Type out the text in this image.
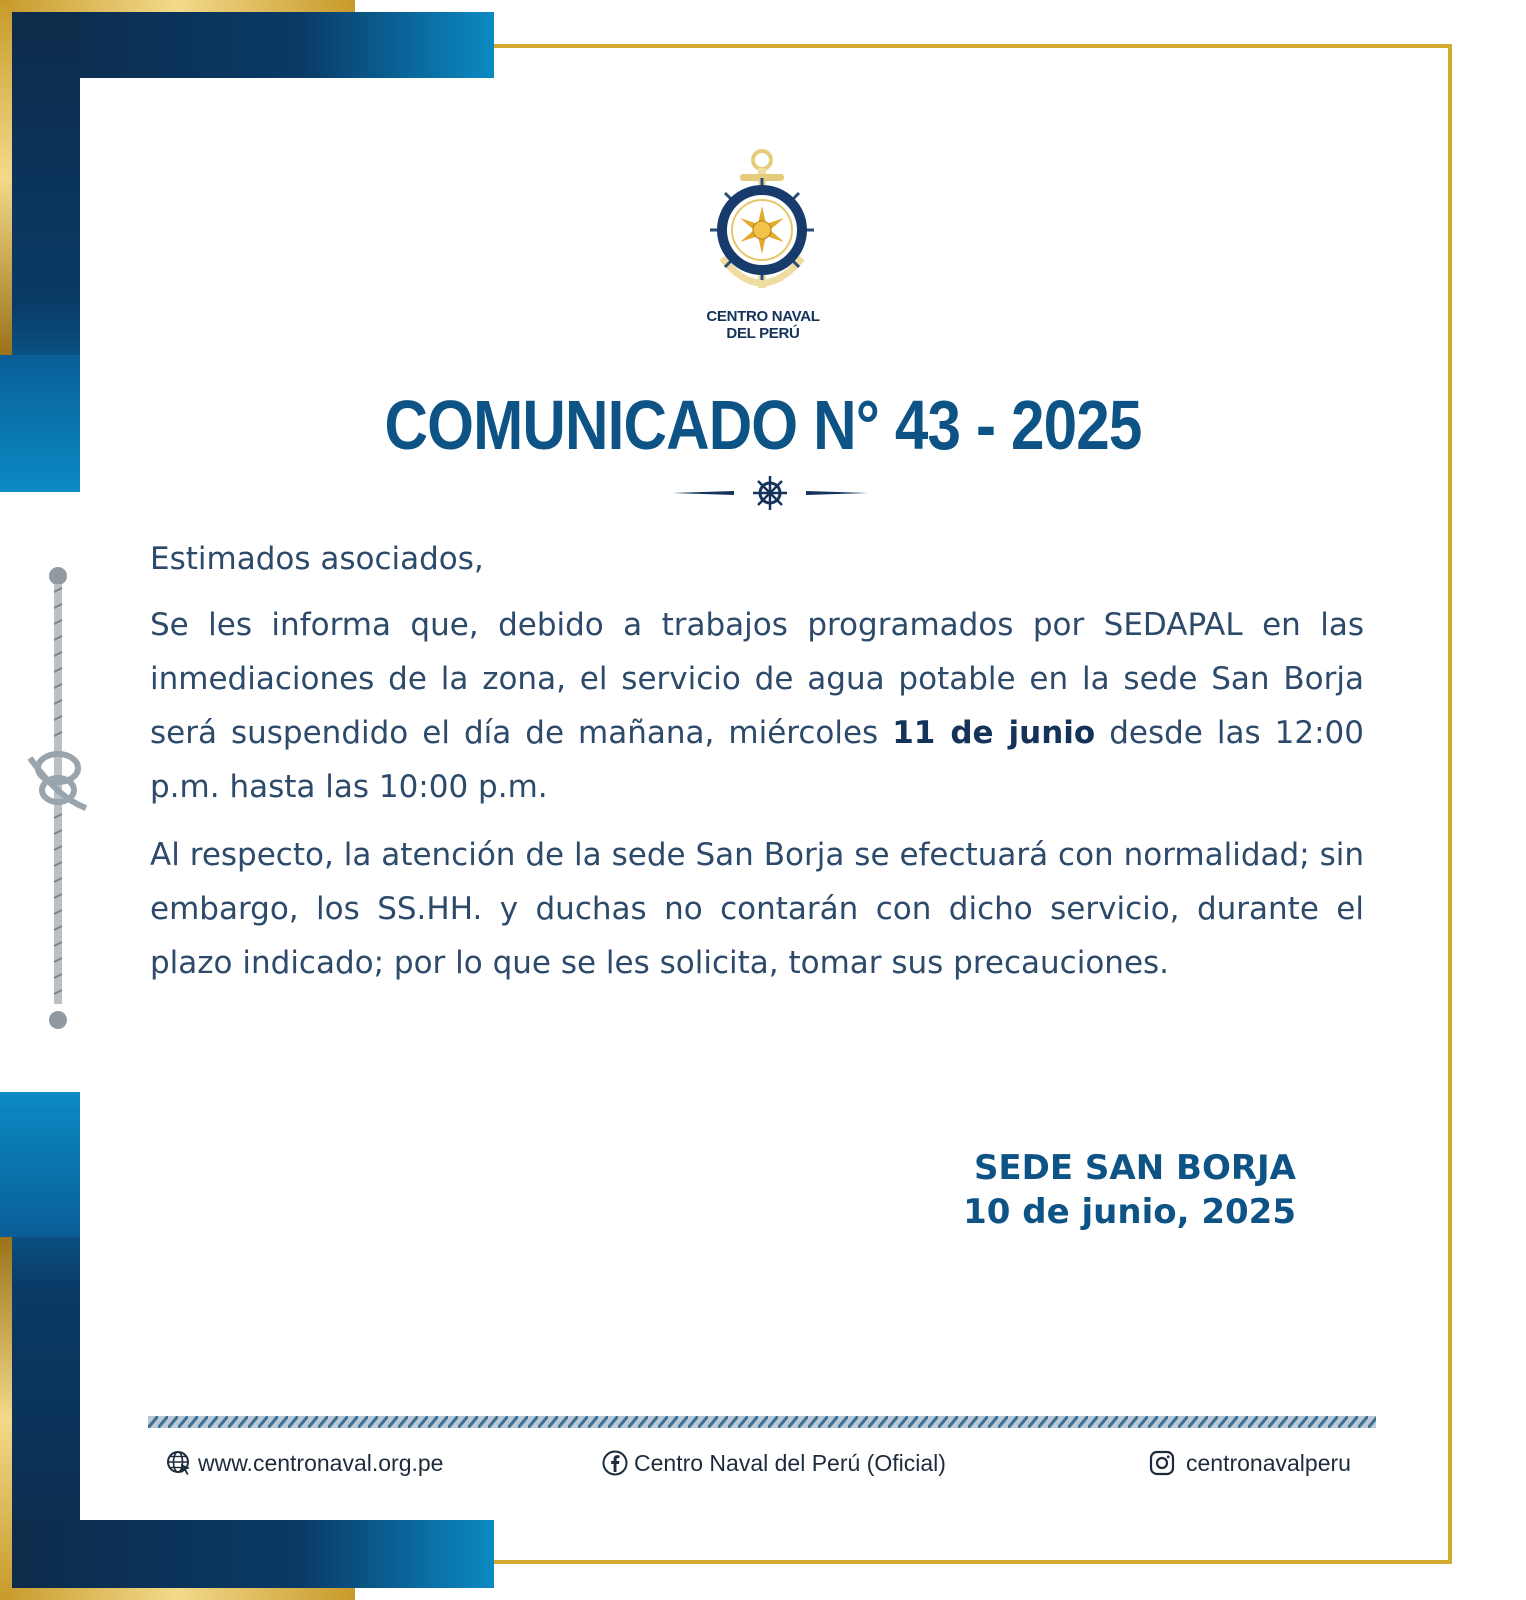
CENTRO NAVAL
DEL PERÚ
COMUNICADO N° 43 - 2025

Estimados asociados,

Se les informa que, debido a trabajos programados por SEDAPAL en las inmediaciones de la zona, el servicio de agua potable en la sede San Borja será suspendido el día de mañana, miércoles 11 de junio desde las 12:00 p.m. hasta las 10:00 p.m.

Al respecto, la atención de la sede San Borja se efectuará con normalidad; sin embargo, los SS.HH. y duchas no contarán con dicho servicio, durante el plazo indicado; por lo que se les solicita, tomar sus precauciones.

SEDE SAN BORJA
10 de junio, 2025
www.centronaval.org.pe	Centro Naval del Perú (Oficial)	centronavalperu
